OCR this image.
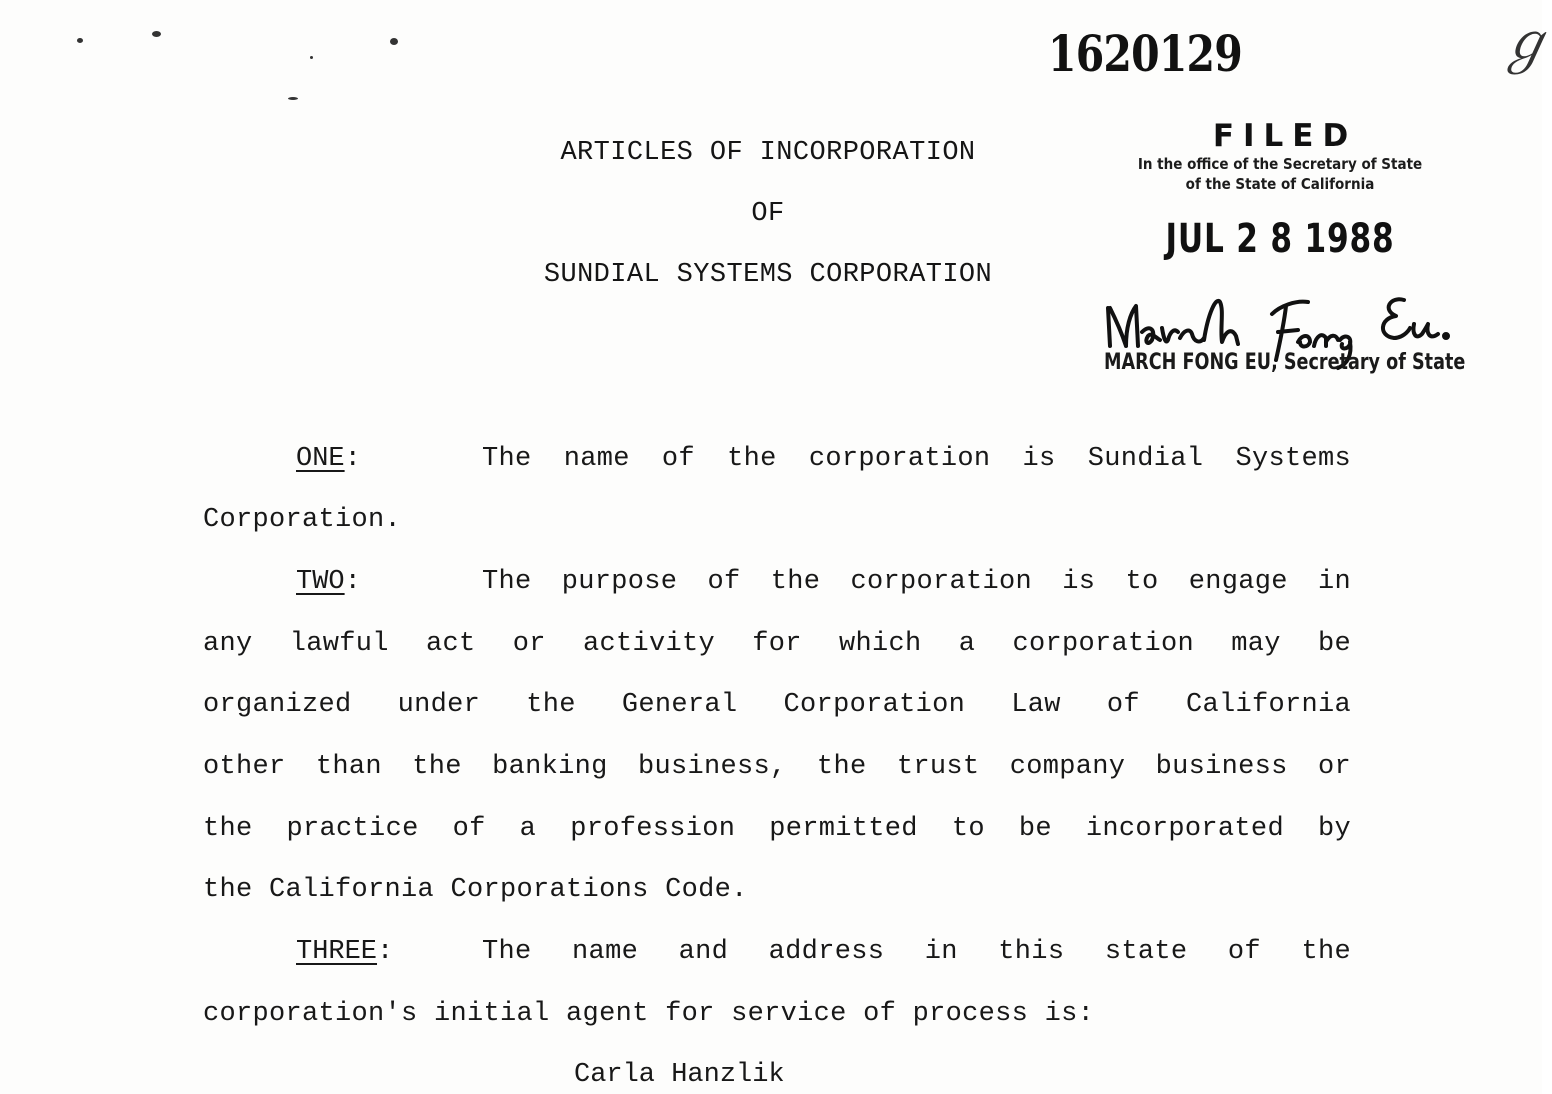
1620129	ℊ
ARTICLES OF INCORPORATION
OF
SUNDIAL SYSTEMS CORPORATION
FILED
In the office of the Secretary of State
of the State of California
JUL 2 8 1988
MARCH FONG EU, Secretary of State
ONE:	The name of the corporation is Sundial Systems
Corporation.
TWO:	The purpose of the corporation is to engage in
any lawful act or activity for which a corporation may be
organized under the General Corporation Law of California
other than the banking business, the trust company business or
the practice of a profession permitted to be incorporated by
the California Corporations Code.
THREE:	The name and address in this state of the
corporation's initial agent for service of process is:
Carla Hanzlik
